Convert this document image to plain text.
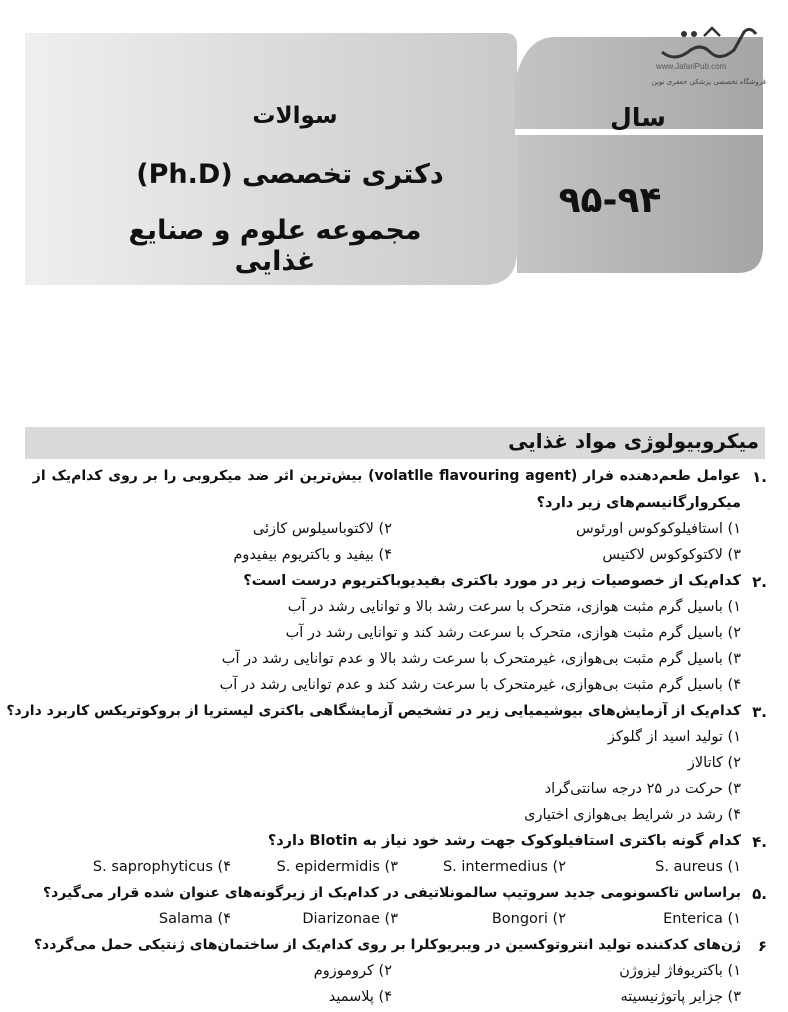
سال
۹۵-۹۴
سوالات
دکتری تخصصی (Ph.D)
مجموعه علوم و صنایع غذایی
www.JafariPub.com
فروشگاه تخصصی پزشکی جعفری نوین
میکروبیولوژی مواد غذایی
۱.
عوامل طعم‌دهنده فرار (volatlle flavouring agent) بیش‌ترین اثر ضد میکروبی را بر روی کدام‌یک از
میکروارگانیسم‌های زیر دارد؟
۱) استافیلوکوکوس اورئوس
۲) لاکتوباسیلوس کازئی
۳) لاکتوکوکوس لاکتیس
۴) بیفید و باکتریوم بیفیدوم
۲.
کدام‌یک از خصوصیات زیر در مورد باکتری بفیدیوباکتریوم درست است؟
۱) باسیل گرم مثبت هوازی، متحرک با سرعت رشد بالا و توانایی رشد در آب
۲) باسیل گرم مثبت هوازی، متحرک با سرعت رشد کند و توانایی رشد در آب
۳) باسیل گرم مثبت بی‌هوازی، غیرمتحرک با سرعت رشد بالا و عدم توانایی رشد در آب
۴) باسیل گرم مثبت بی‌هوازی، غیرمتحرک با سرعت رشد کند و عدم توانایی رشد در آب
۳.
کدام‌یک از آزمایش‌های بیوشیمیایی زیر در تشخیص آزمایشگاهی باکتری لیستریا از بروکوتریکس کاربرد دارد؟
۱) تولید اسید از گلوکز
۲) کاتالاز
۳) حرکت در ۲۵ درجه سانتی‌گراد
۴) رشد در شرایط بی‌هوازی اختیاری
۴.
کدام گونه باکتری استافیلوکوک جهت رشد خود نیاز به Blotin دارد؟
۱) S. aureus
۲) S. intermedius
۳) S. epidermidis
۴) S. saprophyticus
۵.
براساس تاکسونومی جدید سروتیپ سالمونلاتیفی در کدام‌یک از زیرگونه‌های عنوان شده قرار می‌گیرد؟
۱) Enterica
۲) Bongori
۳) Diarizonae
۴) Salama
۶
ژن‌های کدکننده تولید انتروتوکسین در ویبریوکلرا بر روی کدام‌یک از ساختمان‌های ژنتیکی حمل می‌گردد؟
۱) باکتریوفاژ لیزوژن
۲) کروموزوم
۳) جزایر پاتوژنیسیته
۴) پلاسمید
